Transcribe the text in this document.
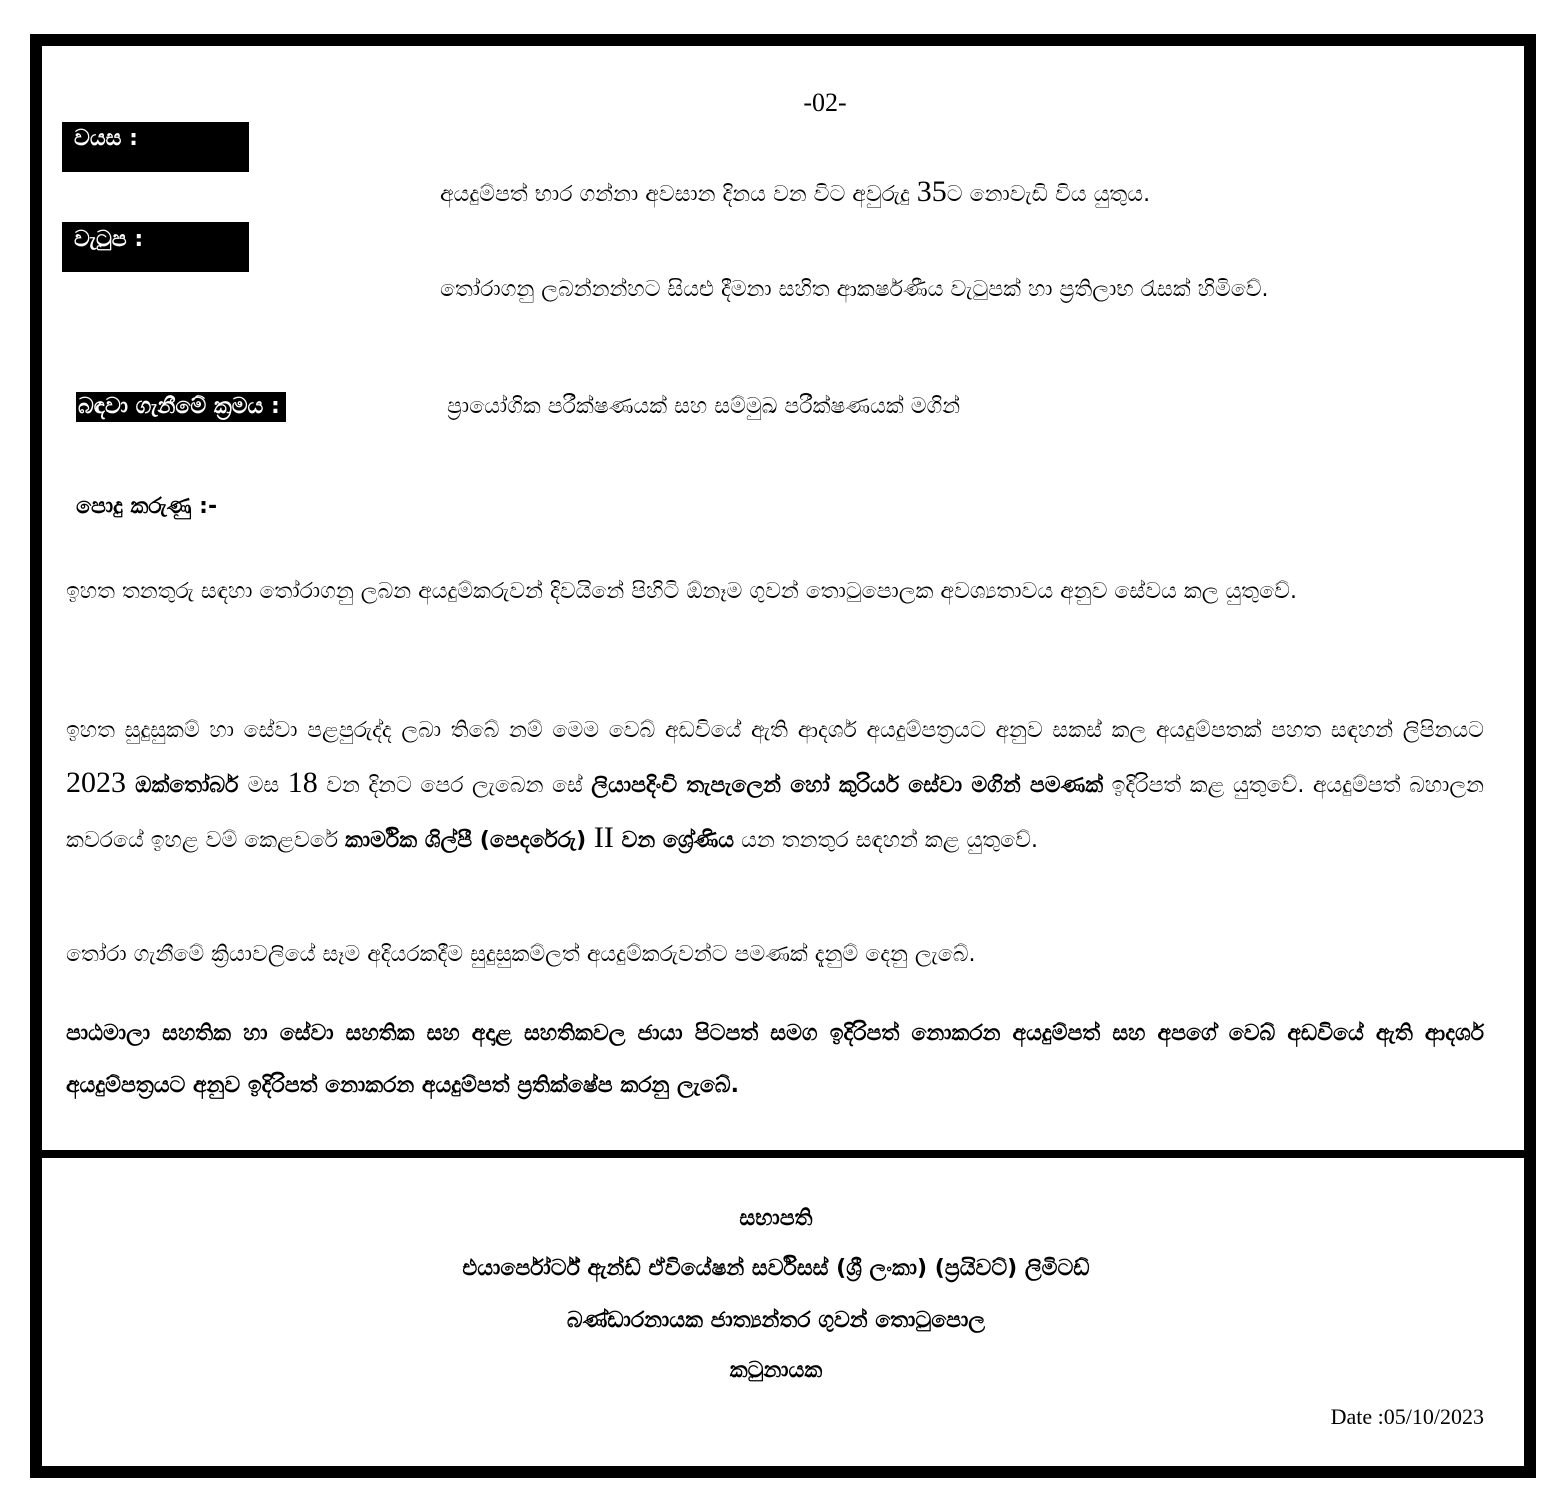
-02-
වයස :
අයදුම්පත් භාර ගන්නා අවසාන දිනය වන විට අවුරුදු 35ට නොවැඩි විය යුතුය.
වැටුප :
තෝරාගනු ලබන්නන්හට සියළු දීමනා සහිත ආකර්ෂණීය වැටුපක් හා ප්‍රතිලාභ රැසක් හිමිවේ.
බඳවා ගැනීමේ ක්‍රමය :	ප්‍රායෝගික පරීක්ෂණයක් සහ සම්මුඛ පරීක්ෂණයක් මගින්
පොදු කරුණු :-
ඉහත තනතුරු සඳහා තෝරාගනු ලබන අයදුම්කරුවන් දිවයිනේ පිහිටි ඕනෑම ගුවන් තොටුපොලක අවශ්‍යතාවය අනුව සේවය කල යුතුවේ.
ඉහත සුදුසුකම් හා සේවා පළපුරුද්ද ලබා තිබේ නම් මෙම වෙබ් අඩවියේ ඇති ආදර්ශ අයදුම්පත්‍රයට අනුව සකස් කල අයදුම්පතක් පහත සඳහන් ලිපිනයට 2023 ඔක්තෝබර් මස 18 වන දිනට පෙර ලැබෙන සේ ලියාපදිංචි තැපැලෙන් හෝ කුරියර් සේවා මගින් පමණක් ඉදිරිපත් කළ යුතුවේ. අයදුම්පත් බහාලන කවරයේ ඉහළ වම් කෙළවරේ කාර්මික ශිල්පී (පෙදරේරු) II වන ශ්‍රේණිය යන තනතුර සඳහන් කළ යුතුවේ.
තෝරා ගැනීමේ ක්‍රියාවලියේ සෑම අදියරකදීම සුදුසුකම්ලත් අයදුම්කරුවන්ට පමණක් දැනුම් දෙනු ලැබේ.
පාඨමාලා සහතික හා සේවා සහතික සහ අදාළ සහතිකවල ජායා පිටපත් සමග ඉදිරිපත් නොකරන අයදුම්පත් සහ අපගේ වෙබ් අඩවියේ ඇති ආදර්ශ අයදුම්පත්‍රයට අනුව ඉදිරිපත් නොකරන අයදුම්පත් ප්‍රතික්ෂේප කරනු ලැබේ.
සභාපති
එයාර්පෝර්ට් ඇන්ඩ් ඒවියේෂන් සර්විසස් (ශ්‍රී ලංකා) (ප්‍රයිවට්) ලිමිටඩ්
බණ්ඩාරනායක ජාත්‍යන්තර ගුවන් තොටුපොල
කටුනායක
Date :05/10/2023
